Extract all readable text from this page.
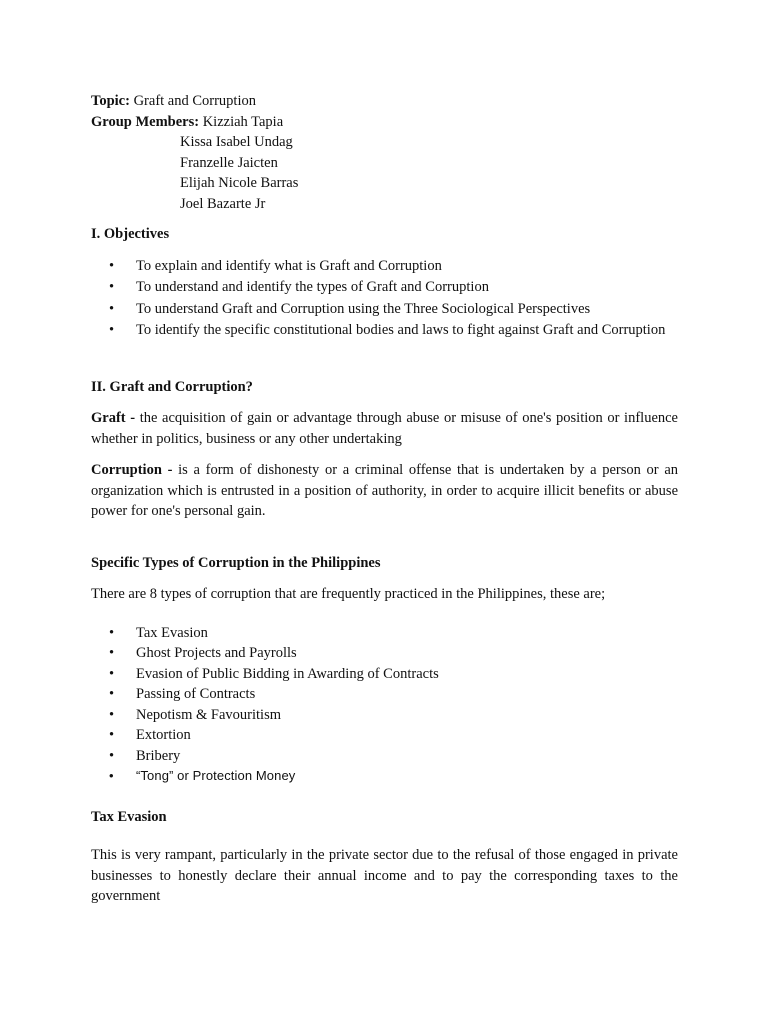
Topic: Graft and Corruption
Group Members: Kizziah Tapia
Kissa Isabel Undag
Franzelle Jaicten
Elijah Nicole Barras
Joel Bazarte Jr
I. Objectives
• To explain and identify what is Graft and Corruption
• To understand and identify the types of Graft and Corruption
• To understand Graft and Corruption using the Three Sociological Perspectives
• To identify the specific constitutional bodies and laws to fight against Graft and Corruption
II. Graft and Corruption?

Graft - the acquisition of gain or advantage through abuse or misuse of one's position or influence whether in politics, business or any other undertaking

Corruption - is a form of dishonesty or a criminal offense that is undertaken by a person or an organization which is entrusted in a position of authority, in order to acquire illicit benefits or abuse power for one's personal gain.

Specific Types of Corruption in the Philippines

There are 8 types of corruption that are frequently practiced in the Philippines, these are;

• Tax Evasion
• Ghost Projects and Payrolls
• Evasion of Public Bidding in Awarding of Contracts
• Passing of Contracts
• Nepotism & Favouritism
• Extortion
• Bribery
• “Tong” or Protection Money
Tax Evasion

This is very rampant, particularly in the private sector due to the refusal of those engaged in private businesses to honestly declare their annual income and to pay the corresponding taxes to the government
